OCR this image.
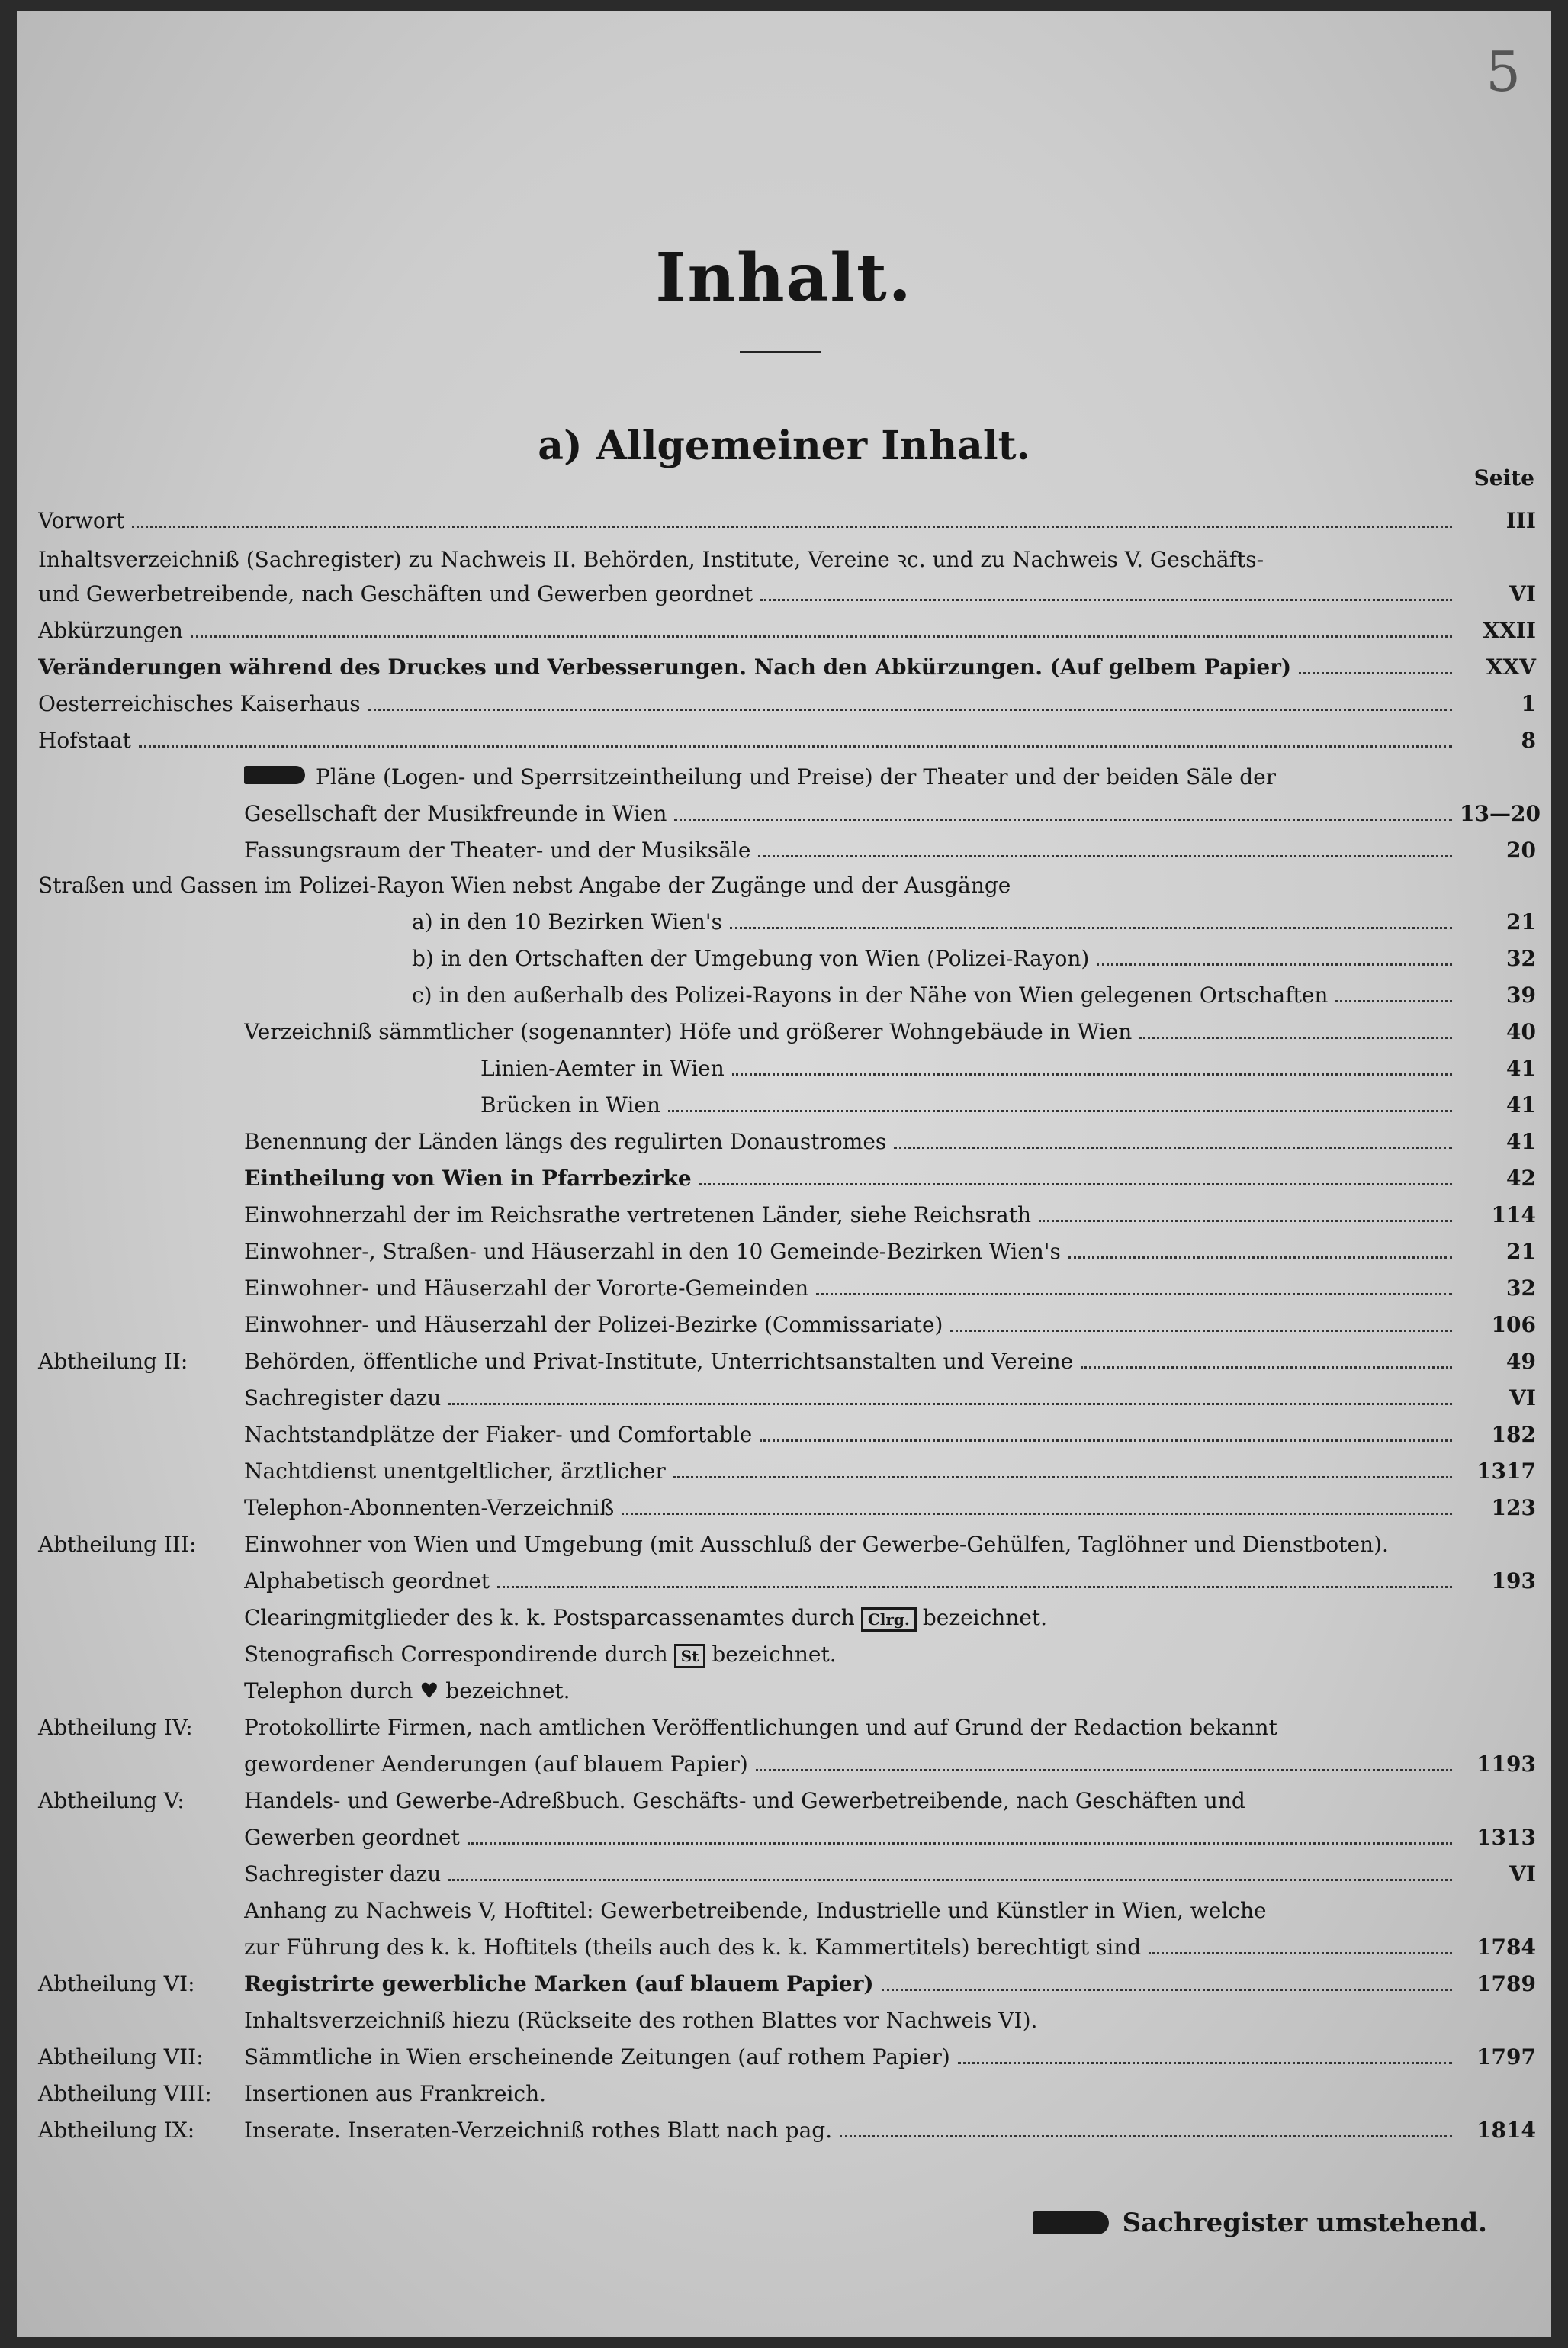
5
Inhalt.
a) Allgemeiner Inhalt.
Seite
Vorwort	III
Inhaltsverzeichniß (Sachregister) zu Nachweis II. Behörden, Institute, Vereine ꝛc. und zu Nachweis V. Geschäfts-
und Gewerbetreibende, nach Geschäften und Gewerben geordnet	VI
Abkürzungen	XXII
Veränderungen während des Druckes und Verbesserungen. Nach den Abkürzungen. (Auf gelbem Papier)	XXV
Oesterreichisches Kaiserhaus	1
Hofstaat	8
Pläne (Logen- und Sperrsitzeintheilung und Preise) der Theater und der beiden Säle der
Gesellschaft der Musikfreunde in Wien	13—20
Fassungsraum der Theater- und der Musiksäle	20
Straßen und Gassen im Polizei-Rayon Wien nebst Angabe der Zugänge und der Ausgänge
a) in den 10 Bezirken Wien's	21
b) in den Ortschaften der Umgebung von Wien (Polizei-Rayon)	32
c) in den außerhalb des Polizei-Rayons in der Nähe von Wien gelegenen Ortschaften	39
Verzeichniß sämmtlicher (sogenannter) Höfe und größerer Wohngebäude in Wien	40
Linien-Aemter in Wien	41
Brücken in Wien	41
Benennung der Länden längs des regulirten Donaustromes	41
Eintheilung von Wien in Pfarrbezirke	42
Einwohnerzahl der im Reichsrathe vertretenen Länder, siehe Reichsrath	114
Einwohner-, Straßen- und Häuserzahl in den 10 Gemeinde-Bezirken Wien's	21
Einwohner- und Häuserzahl der Vororte-Gemeinden	32
Einwohner- und Häuserzahl der Polizei-Bezirke (Commissariate)	106
Abtheilung II:	Behörden, öffentliche und Privat-Institute, Unterrichtsanstalten und Vereine	49
Sachregister dazu	VI
Nachtstandplätze der Fiaker- und Comfortable	182
Nachtdienst unentgeltlicher, ärztlicher	1317
Telephon-Abonnenten-Verzeichniß	123
Abtheilung III:	Einwohner von Wien und Umgebung (mit Ausschluß der Gewerbe-Gehülfen, Taglöhner und Dienstboten).
Alphabetisch geordnet	193
Clearingmitglieder des k. k. Postsparcassenamtes durch Clrg. bezeichnet.
Stenografisch Correspondirende durch St bezeichnet.
Telephon durch ♥ bezeichnet.
Abtheilung IV:	Protokollirte Firmen, nach amtlichen Veröffentlichungen und auf Grund der Redaction bekannt
gewordener Aenderungen (auf blauem Papier)	1193
Abtheilung V:	Handels- und Gewerbe-Adreßbuch. Geschäfts- und Gewerbetreibende, nach Geschäften und
Gewerben geordnet	1313
Sachregister dazu	VI
Anhang zu Nachweis V, Hoftitel: Gewerbetreibende, Industrielle und Künstler in Wien, welche
zur Führung des k. k. Hoftitels (theils auch des k. k. Kammertitels) berechtigt sind	1784
Abtheilung VI:	Registrirte gewerbliche Marken (auf blauem Papier)	1789
Inhaltsverzeichniß hiezu (Rückseite des rothen Blattes vor Nachweis VI).
Abtheilung VII:	Sämmtliche in Wien erscheinende Zeitungen (auf rothem Papier)	1797
Abtheilung VIII:	Insertionen aus Frankreich.
Abtheilung IX:	Inserate. Inseraten-Verzeichniß rothes Blatt nach pag.	1814
Sachregister umstehend.
